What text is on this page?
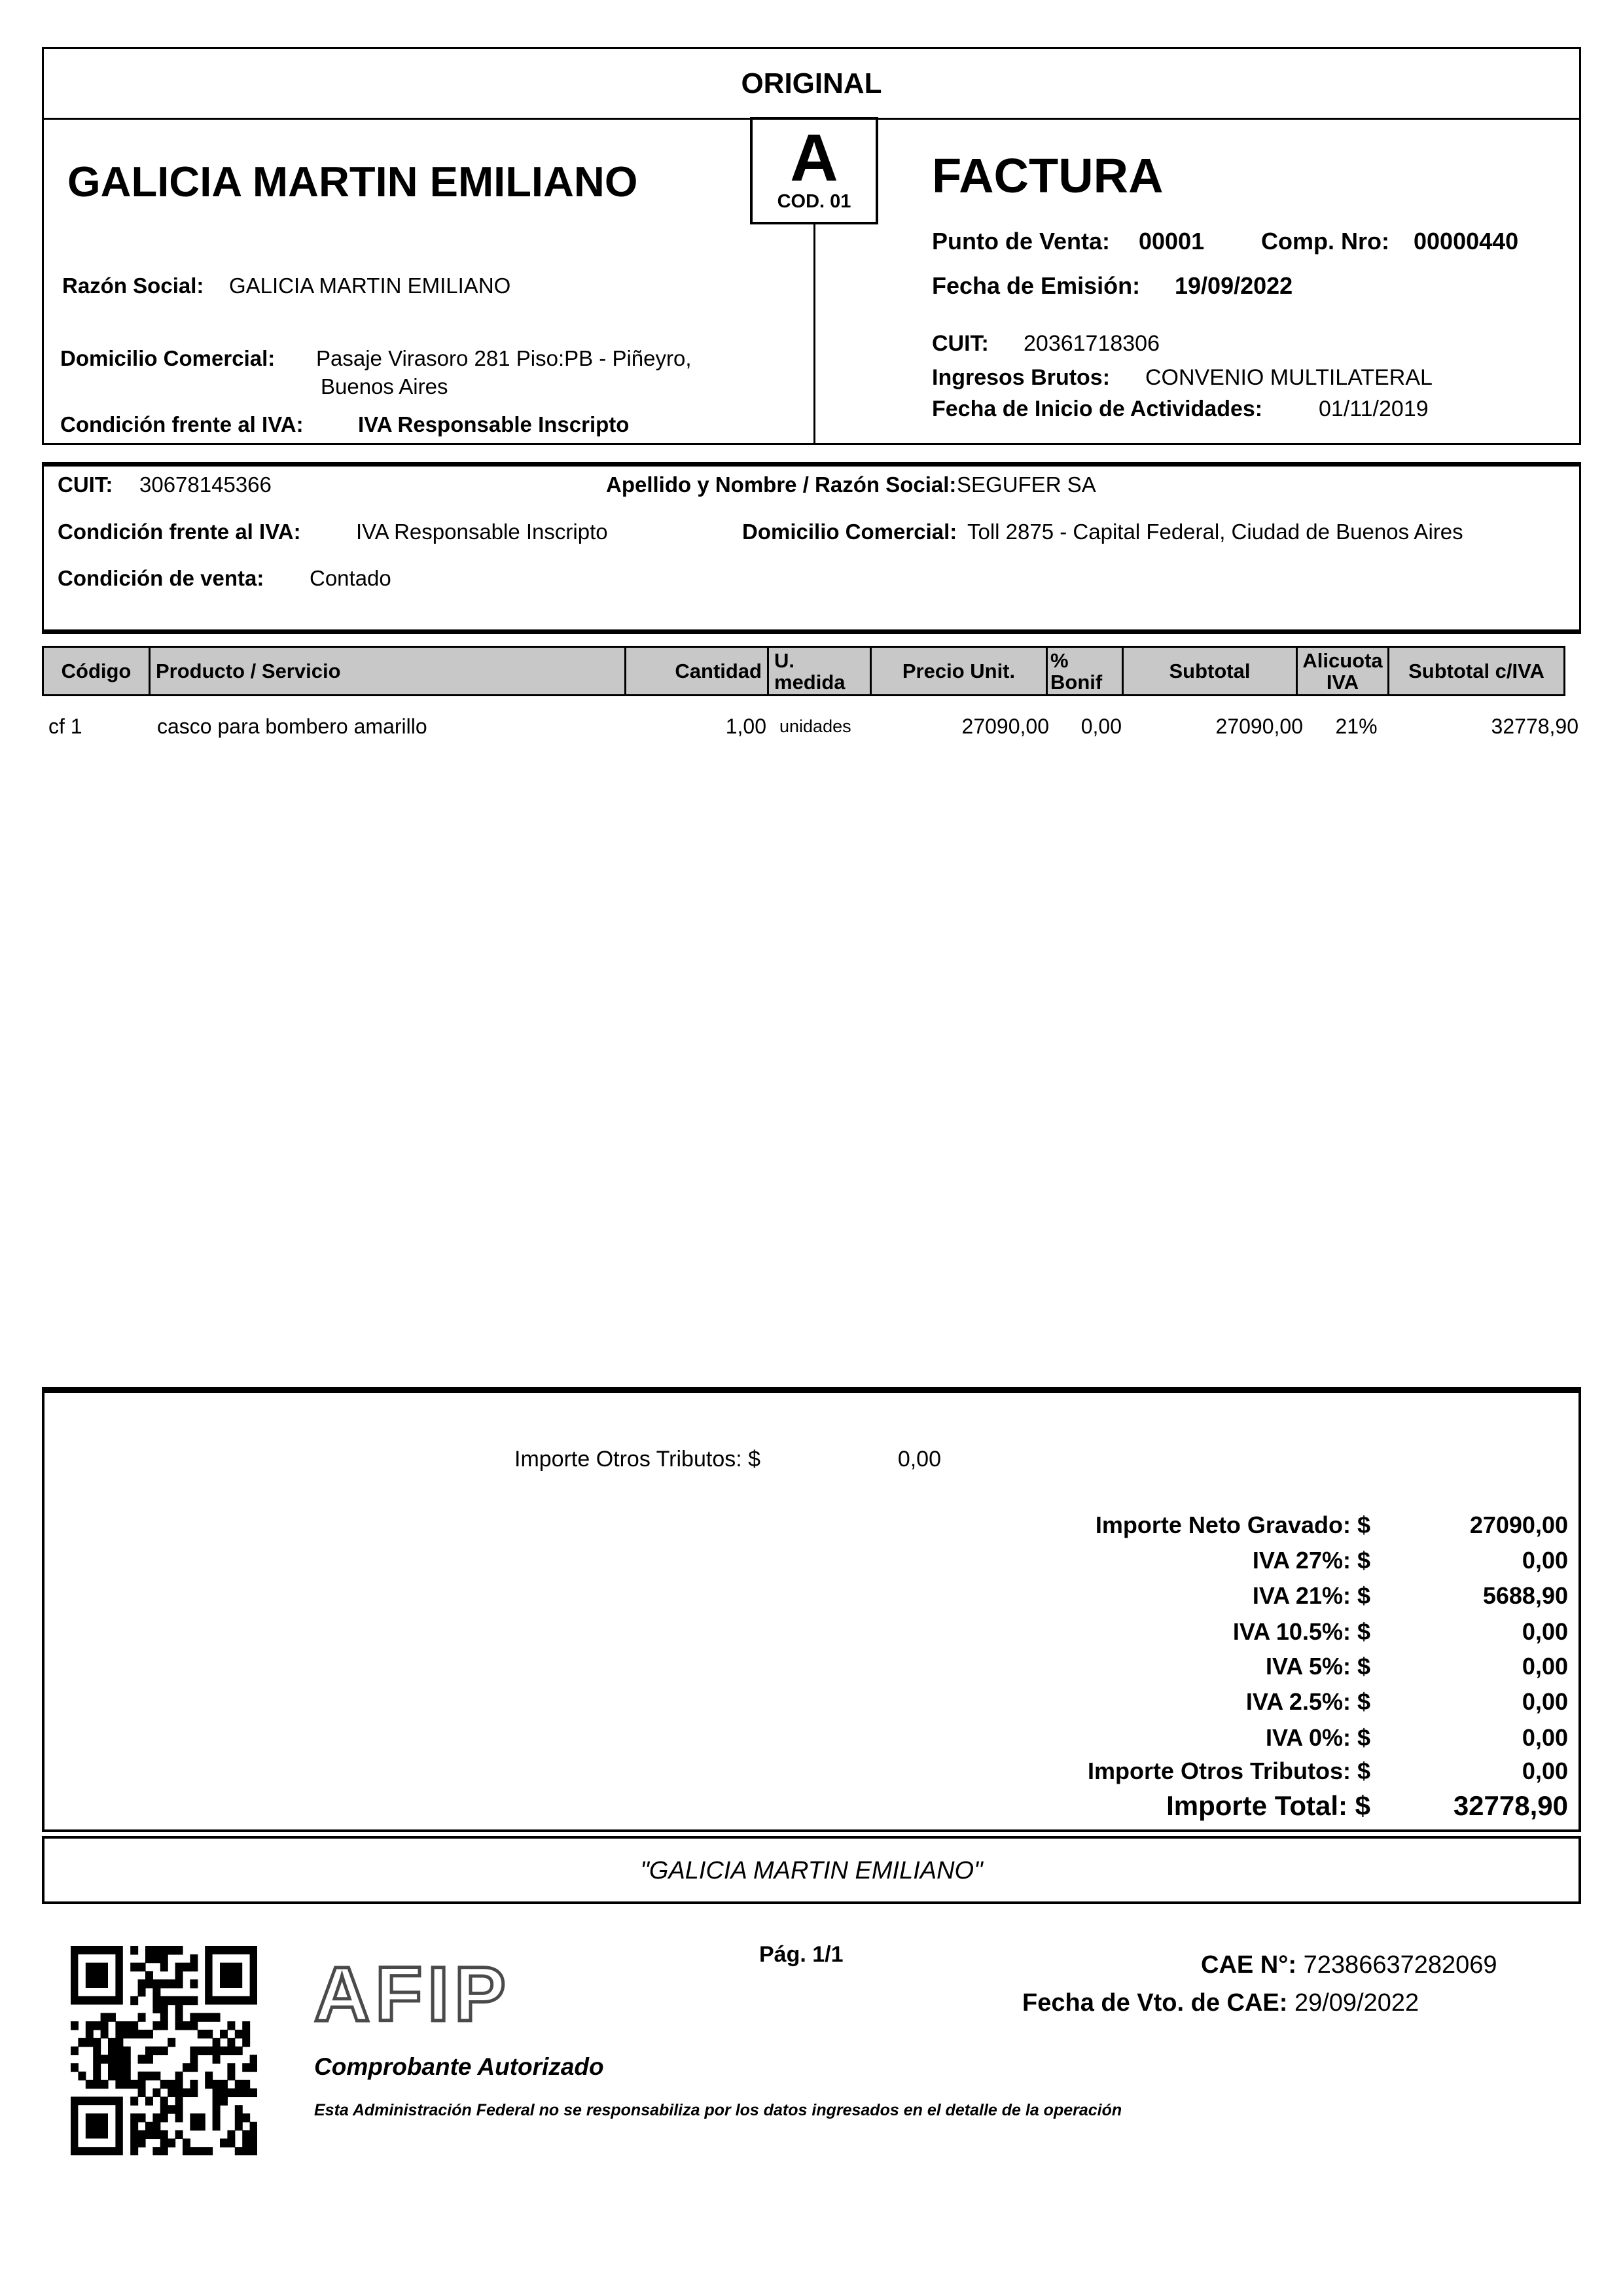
ORIGINAL
A
COD. 01
GALICIA MARTIN EMILIANO
Razón Social: GALICIA MARTIN EMILIANO
Domicilio Comercial: Pasaje Virasoro 281 Piso:PB - Piñeyro,
Buenos Aires
Condición frente al IVA:	IVA Responsable Inscripto
FACTURA
Punto de Venta: 00001 Comp. Nro: 00000440
Fecha de Emisión: 19/09/2022
CUIT: 20361718306
Ingresos Brutos: CONVENIO MULTILATERAL
Fecha de Inicio de Actividades:	01/11/2019
CUIT: 30678145366	Apellido y Nombre / Razón Social: SEGUFER SA
Condición frente al IVA:	IVA Responsable Inscripto	Domicilio Comercial: Toll 2875 - Capital Federal, Ciudad de Buenos Aires
Condición de venta: Contado
Código	Producto / Servicio	Cantidad U. medida	Precio Unit.	% Bonif	Subtotal	Alicuota IVA	Subtotal c/IVA
cf 1	casco para bombero amarillo	1,00 unidades	27090,00	0,00	27090,00	21%	32778,90
Importe Otros Tributos: $	0,00
Importe Neto Gravado: $	27090,00
IVA 27%: $	0,00
IVA 21%: $	5688,90
IVA 10.5%: $	0,00
IVA 5%: $	0,00
IVA 2.5%: $	0,00
IVA 0%: $	0,00
Importe Otros Tributos: $	0,00
Importe Total: $	32778,90
"GALICIA MARTIN EMILIANO"
AFIP	Pág. 1/1	CAE N°: 72386637282069
Fecha de Vto. de CAE: 29/09/2022
Comprobante Autorizado
Esta Administración Federal no se responsabiliza por los datos ingresados en el detalle de la operación
